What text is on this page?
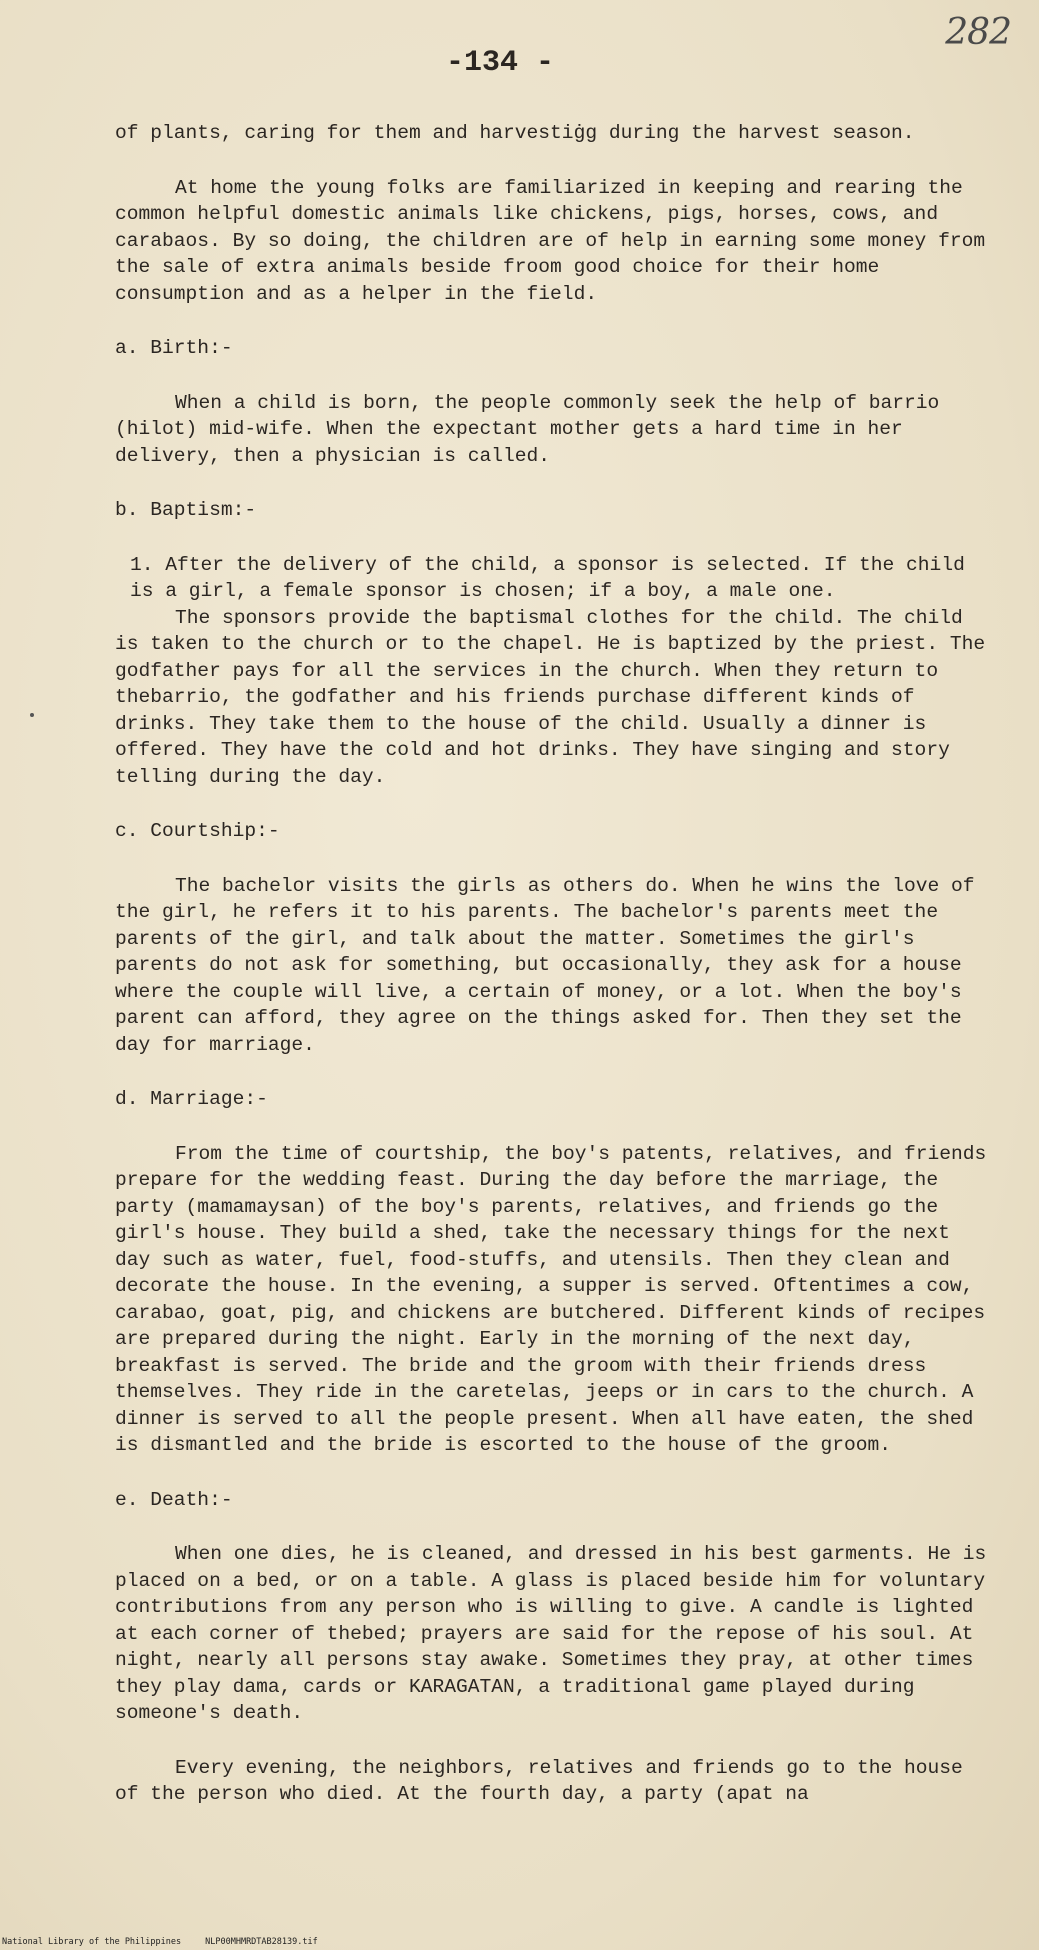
282
-134 -

of plants, caring for them and harvestiġg during the harvest season.

At home the young folks are familiarized in keeping and rearing the common helpful domestic animals like chickens, pigs, horses, cows, and carabaos. By so doing, the children are of help in earning some money from the sale of extra animals beside froom good choice for their home consumption and as a helper in the field.

a. Birth:-

When a child is born, the people commonly seek the help of barrio (hilot) mid-wife. When the expectant mother gets a hard time in her delivery, then a physician is called.

b. Baptism:-

1. After the delivery of the child, a sponsor is selected. If the child is a girl, a female sponsor is chosen; if a boy, a male one.

The sponsors provide the baptismal clothes for the child. The child is taken to the church or to the chapel. He is baptized by the priest. The godfather pays for all the services in the church. When they return to thebarrio, the godfather and his friends purchase different kinds of drinks. They take them to the house of the child. Usually a dinner is offered. They have the cold and hot drinks. They have singing and story telling during the day.

c. Courtship:-

The bachelor visits the girls as others do. When he wins the love of the girl, he refers it to his parents. The bachelor's parents meet the parents of the girl, and talk about the matter. Sometimes the girl's parents do not ask for something, but occasionally, they ask for a house where the couple will live, a certain of money, or a lot. When the boy's parent can afford, they agree on the things asked for. Then they set the day for marriage.

d. Marriage:-

From the time of courtship, the boy's patents, relatives, and friends prepare for the wedding feast. During the day before the marriage, the party (mamamaysan) of the boy's parents, relatives, and friends go the girl's house. They build a shed, take the necessary things for the next day such as water, fuel, food-stuffs, and utensils. Then they clean and decorate the house. In the evening, a supper is served. Oftentimes a cow, carabao, goat, pig, and chickens are butchered. Different kinds of recipes are prepared during the night. Early in the morning of the next day, breakfast is served. The bride and the groom with their friends dress themselves. They ride in the caretelas, jeeps or in cars to the church. A dinner is served to all the people present. When all have eaten, the shed is dismantled and the bride is escorted to the house of the groom.

e. Death:-

When one dies, he is cleaned, and dressed in his best garments. He is placed on a bed, or on a table. A glass is placed beside him for voluntary contributions from any person who is willing to give. A candle is lighted at each corner of thebed; prayers are said for the repose of his soul. At night, nearly all persons stay awake. Sometimes they pray, at other times they play dama, cards or KARAGATAN, a traditional game played during someone's death.

Every evening, the neighbors, relatives and friends go to the house of the person who died. At the fourth day, a party (apat na

National Library of the Philippines	NLP00MHMRDTAB28139.tif
